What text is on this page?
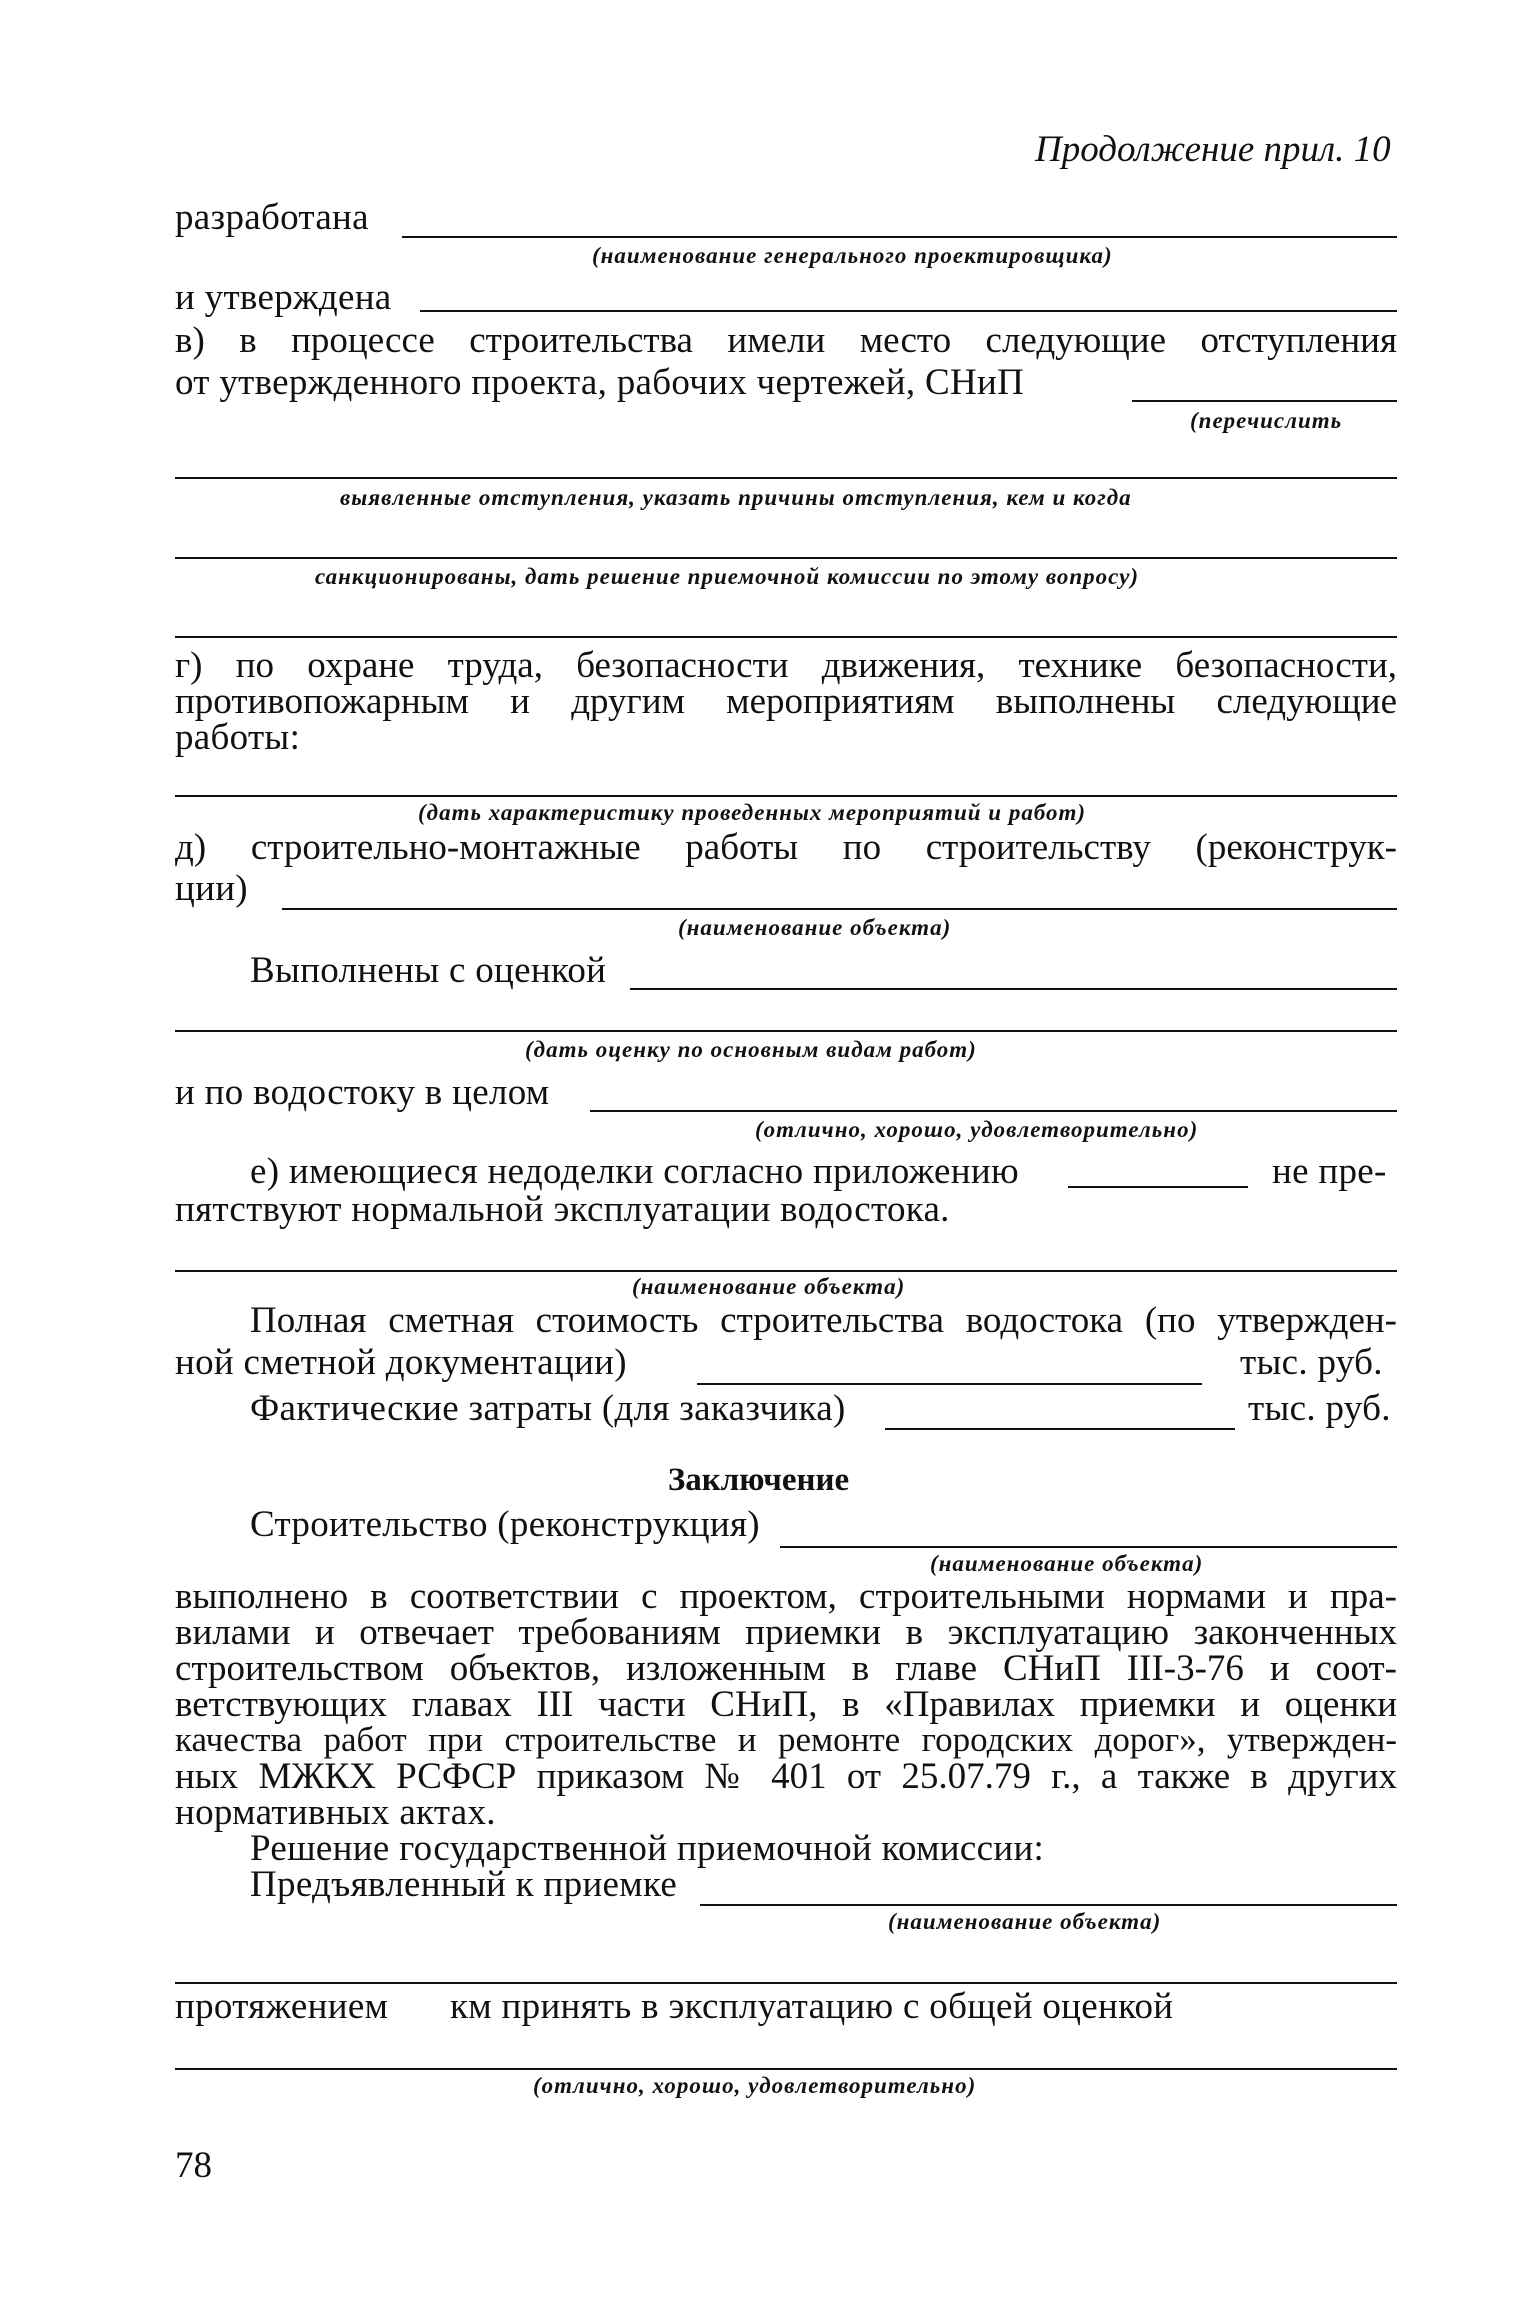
Продолжение прил. 10
разработана
(наименование генерального проектировщика)
и утверждена
в) в процессе строительства имели место следующие отступления
от утвержденного проекта, рабочих чертежей, СНиП
(перечислить
выявленные отступления, указать причины отступления, кем и когда
санкционированы, дать решение приемочной комиссии по этому вопросу)
г) по охране труда, безопасности движения, технике безопасности,
противопожарным и другим мероприятиям выполнены следующие
работы:
(дать характеристику проведенных мероприятий и работ)
д) строительно-монтажные работы по строительству (реконструк-
ции)
(наименование объекта)
Выполнены с оценкой
(дать оценку по основным видам работ)
и по водостоку в целом
(отлично, хорошо, удовлетворительно)
е) имеющиеся недоделки согласно приложению	не пре-
пятствуют нормальной эксплуатации водостока.
(наименование объекта)
Полная сметная стоимость строительства водостока (по утвержден-
ной сметной документации)	тыс. руб.
Фактические затраты (для заказчика)	тыс. руб.
Заключение
Строительство (реконструкция)
(наименование объекта)
выполнено в соответствии с проектом, строительными нормами и пра-
вилами и отвечает требованиям приемки в эксплуатацию законченных
строительством объектов, изложенным в главе СНиП III-3-76 и соот-
ветствующих главах III части СНиП, в «Правилах приемки и оценки
качества работ при строительстве и ремонте городских дорог», утвержден-
ных МЖКХ РСФСР приказом № 401 от 25.07.79 г., а также в других
нормативных актах.
Решение государственной приемочной комиссии:
Предъявленный к приемке
(наименование объекта)
протяжением км принять в эксплуатацию с общей оценкой
(отлично, хорошо, удовлетворительно)
78
